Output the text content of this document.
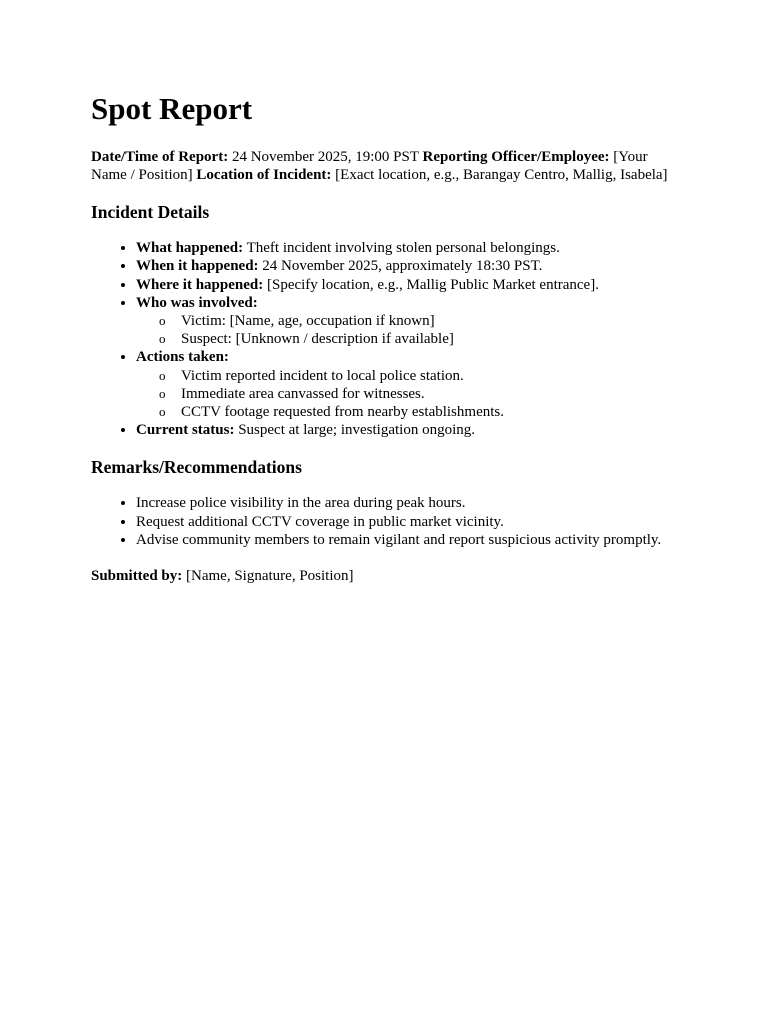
Spot Report

Date/Time of Report: 24 November 2025, 19:00 PST Reporting Officer/Employee: [Your Name / Position] Location of Incident: [Exact location, e.g., Barangay Centro, Mallig, Isabela]

Incident Details
• What happened: Theft incident involving stolen personal belongings.
• When it happened: 24 November 2025, approximately 18:30 PST.
• Where it happened: [Specify location, e.g., Mallig Public Market entrance].
• Who was involved:
o Victim: [Name, age, occupation if known]
o Suspect: [Unknown / description if available]
• Actions taken:
o Victim reported incident to local police station.
o Immediate area canvassed for witnesses.
o CCTV footage requested from nearby establishments.
• Current status: Suspect at large; investigation ongoing.
Remarks/Recommendations
• Increase police visibility in the area during peak hours.
• Request additional CCTV coverage in public market vicinity.
• Advise community members to remain vigilant and report suspicious activity promptly.

Submitted by: [Name, Signature, Position]
